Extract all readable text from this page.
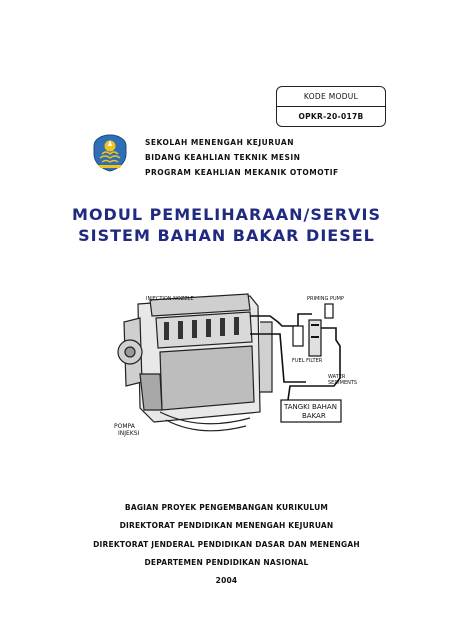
KODE MODUL
OPKR-20-017B
SEKOLAH MENENGAH KEJURUAN
BIDANG KEAHLIAN TEKNIK MESIN
PROGRAM KEAHLIAN MEKANIK OTOMOTIF
MODUL PEMELIHARAAN/SERVIS
SISTEM BAHAN BAKAR DIESEL
INJECTION NOZZLE	PRIMING PUMP
FUEL FILTER
WATER
SEDIMENTS
TANGKI BAHAN
BAKAR
POMPA
INJEKSI
BAGIAN PROYEK PENGEMBANGAN KURIKULUM
DIREKTORAT PENDIDIKAN MENENGAH KEJURUAN
DIREKTORAT JENDERAL PENDIDIKAN DASAR DAN MENENGAH
DEPARTEMEN PENDIDIKAN NASIONAL
2004
